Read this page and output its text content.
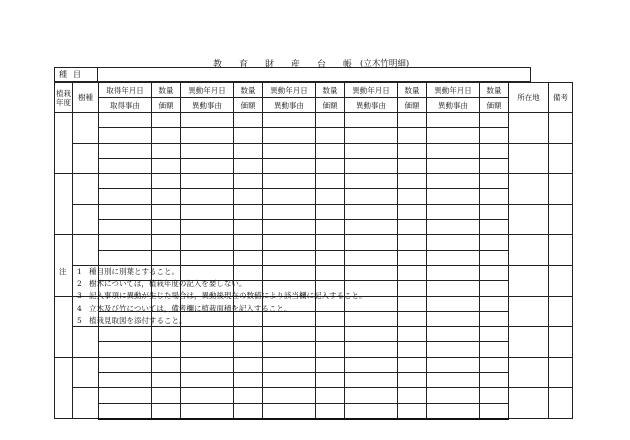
教育財産台帳
(立木竹明細)
種目
植栽年度	樹種	取得年月日	数量	異動年月日	数量	異動年月日	数量	異動年月日	数量	異動年月日	数量	所在地	備考
		取得事由	価額	異動事由	価額	異動事由	価額	異動事由	価額	異動事由	価額		

注	1 種目別に別葉とすること。
2 樹木については，植栽年度の記入を要しない。
3 記入事項に異動が生じた場合は，異動後現在の数値により該当欄に記入すること。
4 立木及び竹については，備考欄に植栽面積を記入すること。
5 植栽見取図を添付すること。
